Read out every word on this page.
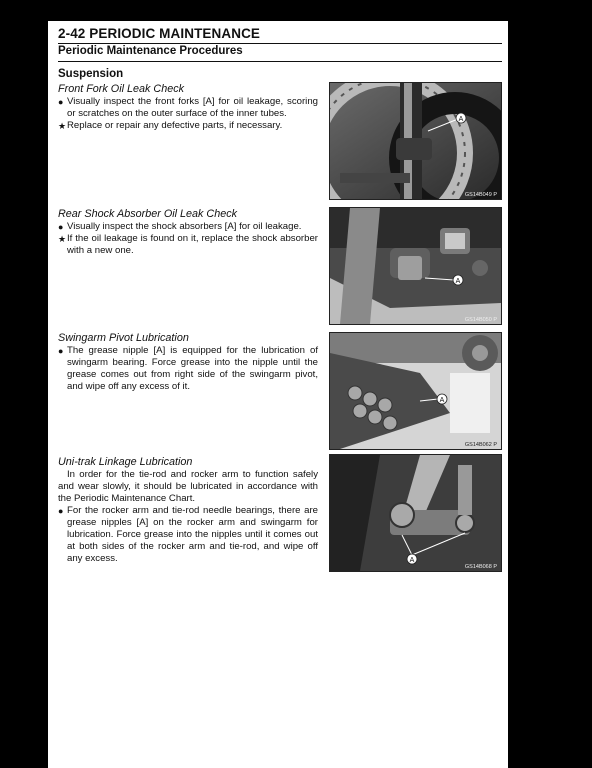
2-42 PERIODIC MAINTENANCE
Periodic Maintenance Procedures
Suspension
Front Fork Oil Leak Check
● Visually inspect the front forks [A] for oil leakage, scoring or scratches on the outer surface of the inner tubes.
★ Replace or repair any defective parts, if necessary.
A
GS14B049 P
Rear Shock Absorber Oil Leak Check
● Visually inspect the shock absorbers [A] for oil leakage.
★ If the oil leakage is found on it, replace the shock absorber with a new one.
A
GS14B050 P
Swingarm Pivot Lubrication
● The grease nipple [A] is equipped for the lubrication of swingarm bearing. Force grease into the nipple until the grease comes out from right side of the swingarm pivot, and wipe off any excess of it.
A
GS14B062 P
Uni-trak Linkage Lubrication
In order for the tie-rod and rocker arm to function safely and wear slowly, it should be lubricated in accordance with the Periodic Maintenance Chart.
● For the rocker arm and tie-rod needle bearings, there are grease nipples [A] on the rocker arm and swingarm for lubrication. Force grease into the nipples until it comes out at both sides of the rocker arm and tie-rod, and wipe off any excess.	A
GS14B068 P
